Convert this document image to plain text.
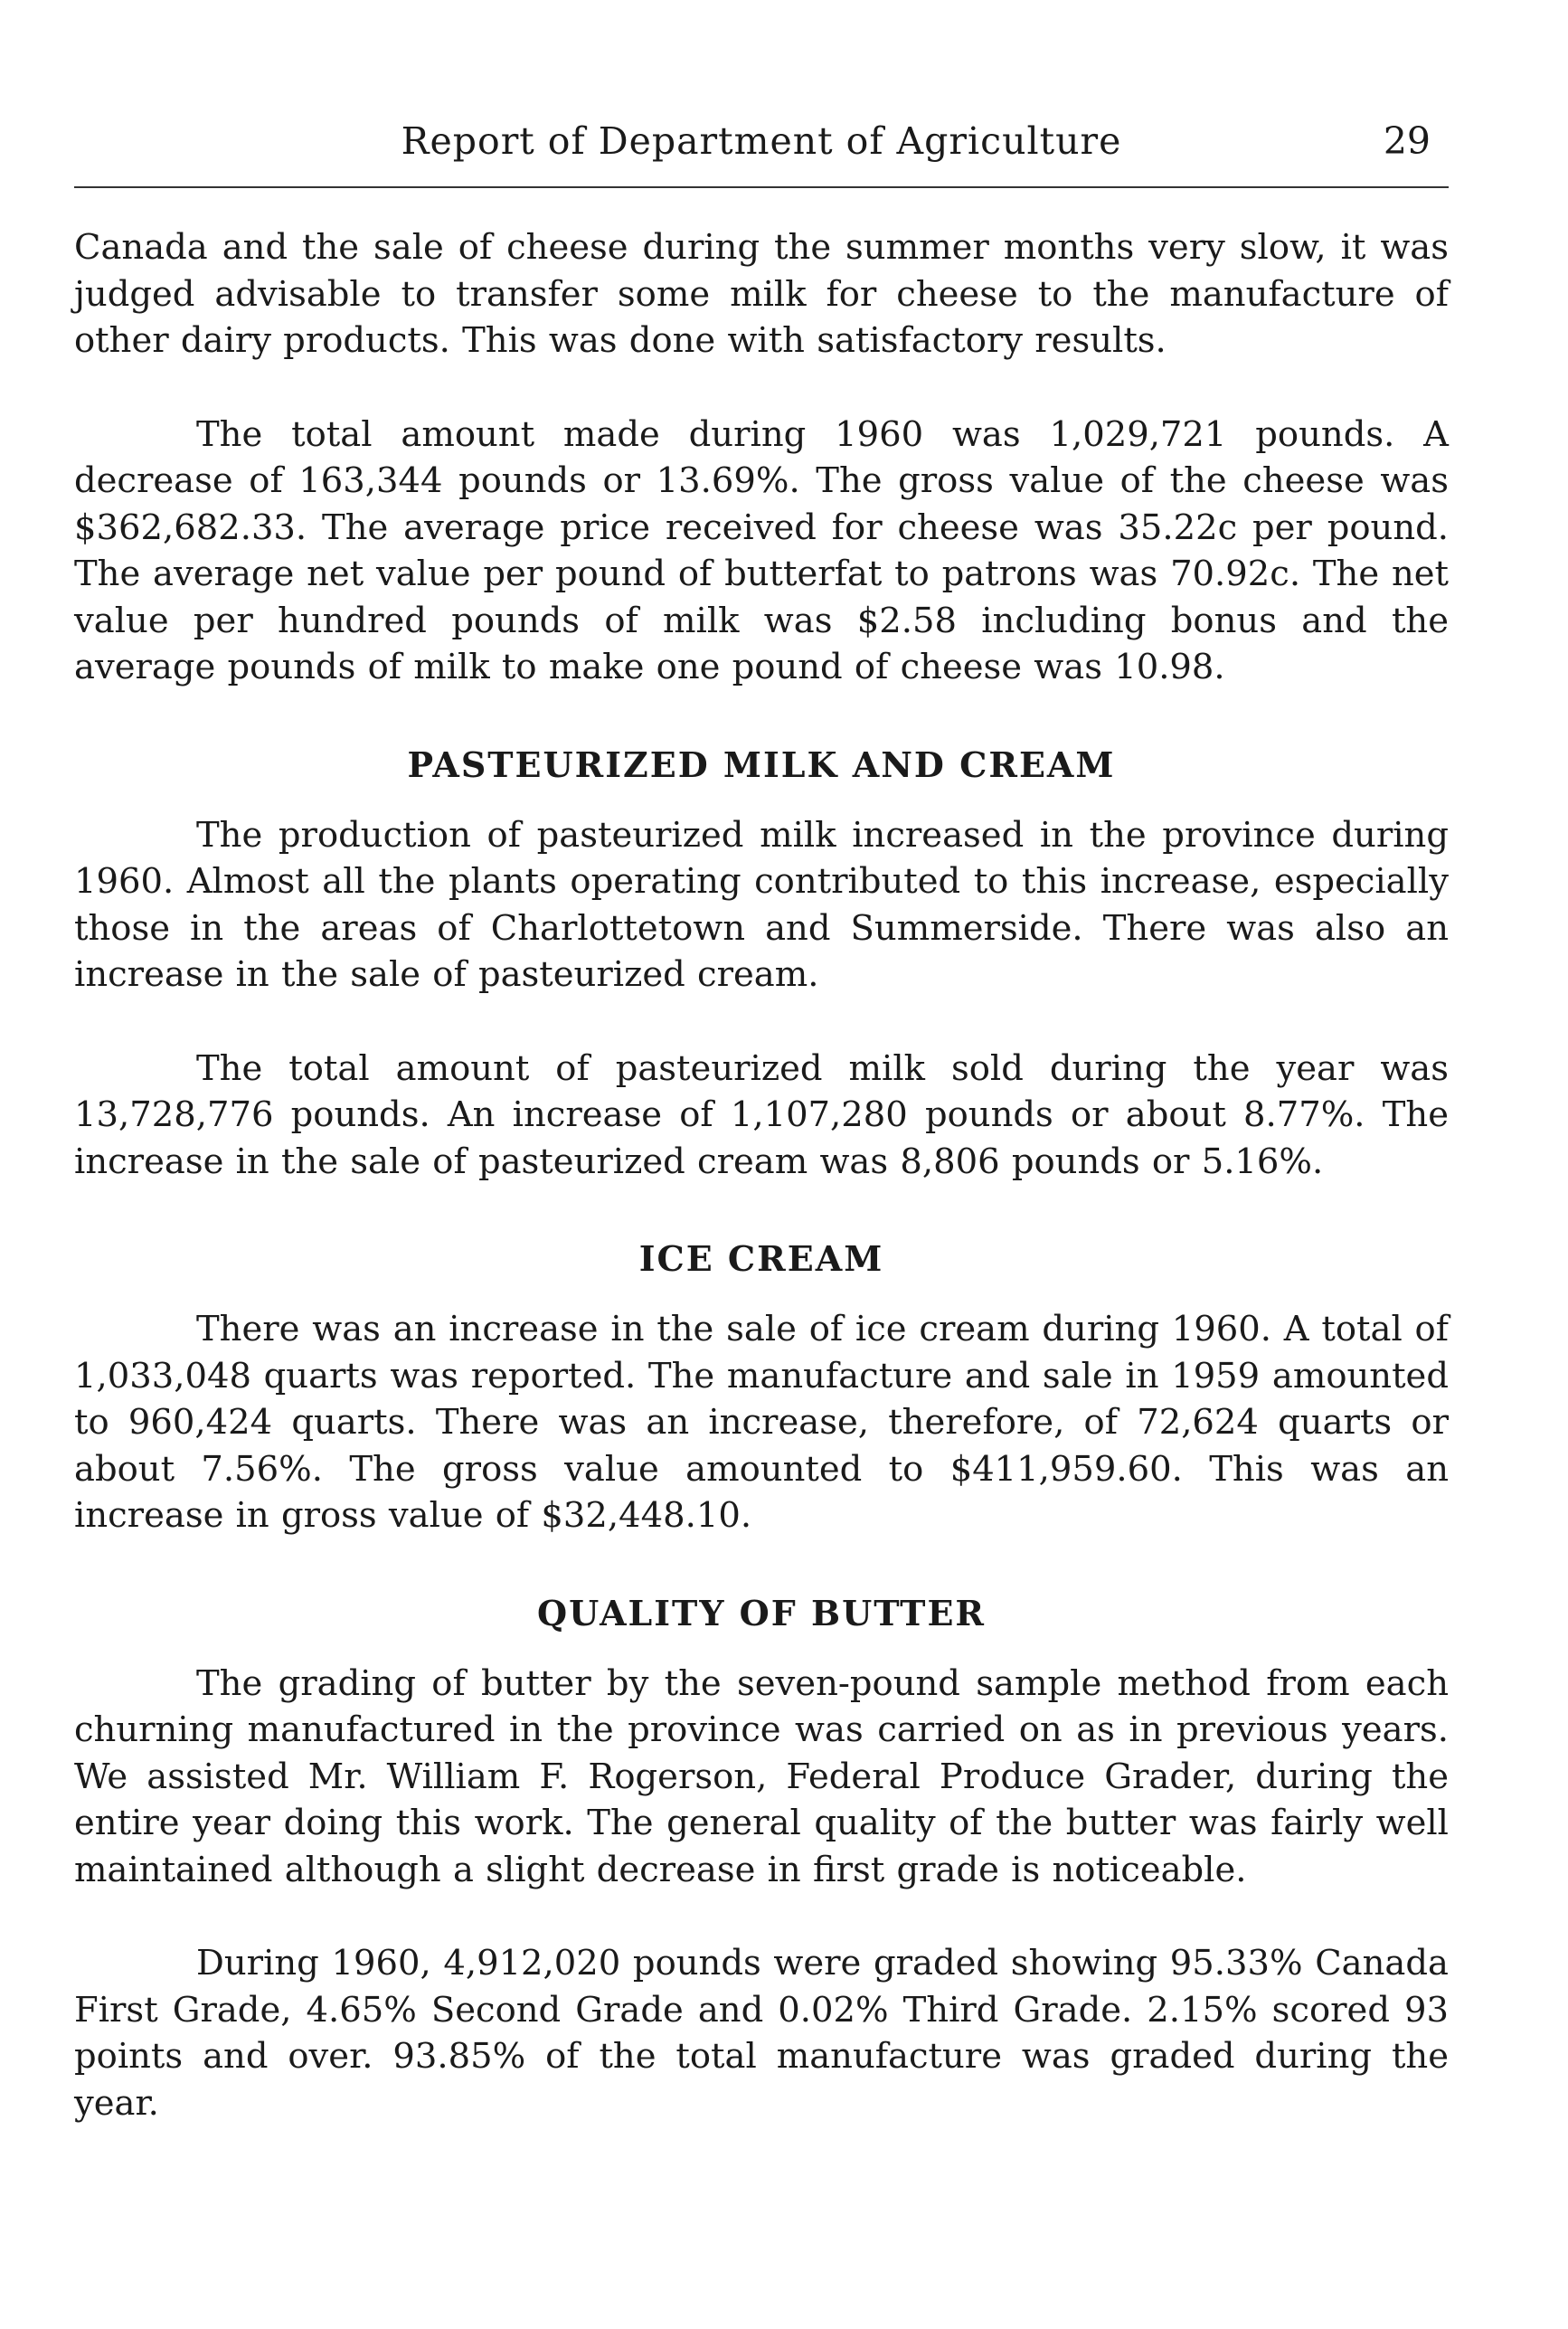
Report of Department of Agriculture	29

Canada and the sale of cheese during the summer months very slow, it was judged advisable to transfer some milk for cheese to the manufacture of other dairy products. This was done with satisfactory results.

The total amount made during 1960 was 1,029,721 pounds. A decrease of 163,344 pounds or 13.69%. The gross value of the cheese was $362,682.33. The average price received for cheese was 35.22c per pound. The average net value per pound of butterfat to patrons was 70.92c. The net value per hundred pounds of milk was $2.58 including bonus and the average pounds of milk to make one pound of cheese was 10.98.

PASTEURIZED MILK AND CREAM

The production of pasteurized milk increased in the province during 1960. Almost all the plants operating contributed to this increase, especially those in the areas of Charlottetown and Summerside. There was also an increase in the sale of pasteurized cream.

The total amount of pasteurized milk sold during the year was 13,728,776 pounds. An increase of 1,107,280 pounds or about 8.77%. The increase in the sale of pasteurized cream was 8,806 pounds or 5.16%.

ICE CREAM

There was an increase in the sale of ice cream during 1960. A total of 1,033,048 quarts was reported. The manufacture and sale in 1959 amounted to 960,424 quarts. There was an increase, therefore, of 72,624 quarts or about 7.56%. The gross value amounted to $411,959.60. This was an increase in gross value of $32,448.10.

QUALITY OF BUTTER

The grading of butter by the seven-pound sample method from each churning manufactured in the province was carried on as in previous years. We assisted Mr. William F. Rogerson, Federal Produce Grader, during the entire year doing this work. The general quality of the butter was fairly well maintained although a slight decrease in first grade is noticeable.

During 1960, 4,912,020 pounds were graded showing 95.33% Canada First Grade, 4.65% Second Grade and 0.02% Third Grade. 2.15% scored 93 points and over. 93.85% of the total manufacture was graded during the year.
